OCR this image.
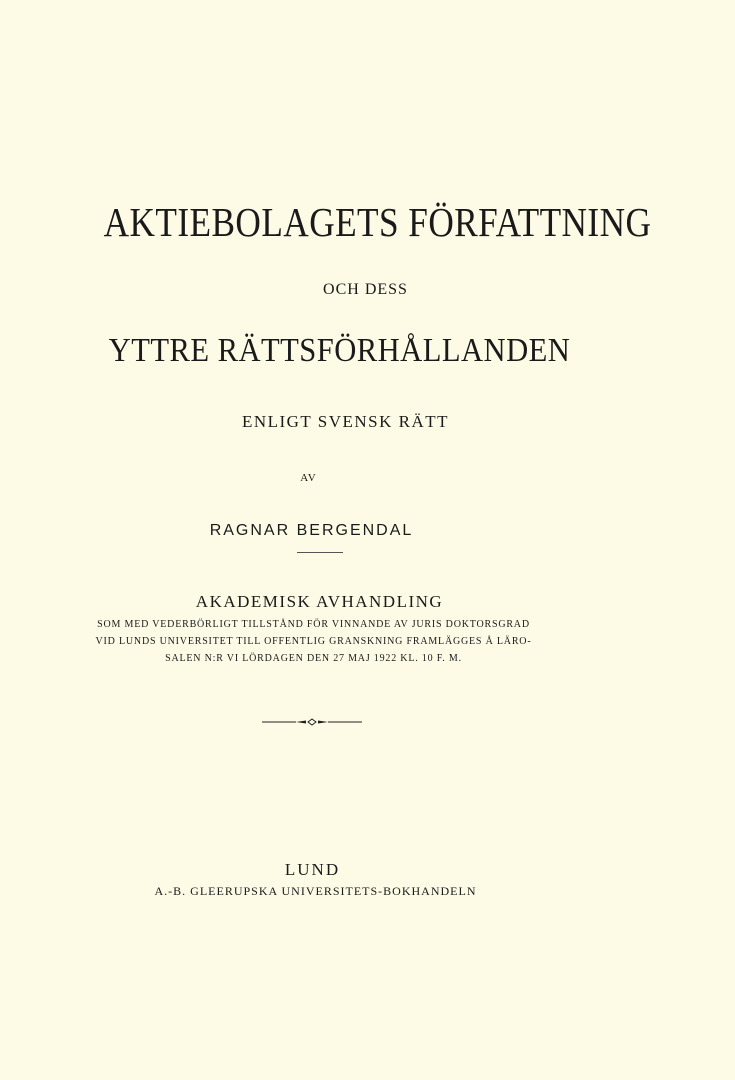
AKTIEBOLAGETS FÖRFATTNING
OCH DESS
YTTRE RÄTTSFÖRHÅLLANDEN
ENLIGT SVENSK RÄTT
AV
RAGNAR BERGENDAL
AKADEMISK AVHANDLING
SOM MED VEDERBÖRLIGT TILLSTÅND FÖR VINNANDE AV JURIS DOKTORSGRAD
VID LUNDS UNIVERSITET TILL OFFENTLIG GRANSKNING FRAMLÄGGES Å LÄRO-
SALEN N:R VI LÖRDAGEN DEN 27 MAJ 1922 KL. 10 F. M.
LUND
A.-B. GLEERUPSKA UNIVERSITETS-BOKHANDELN
